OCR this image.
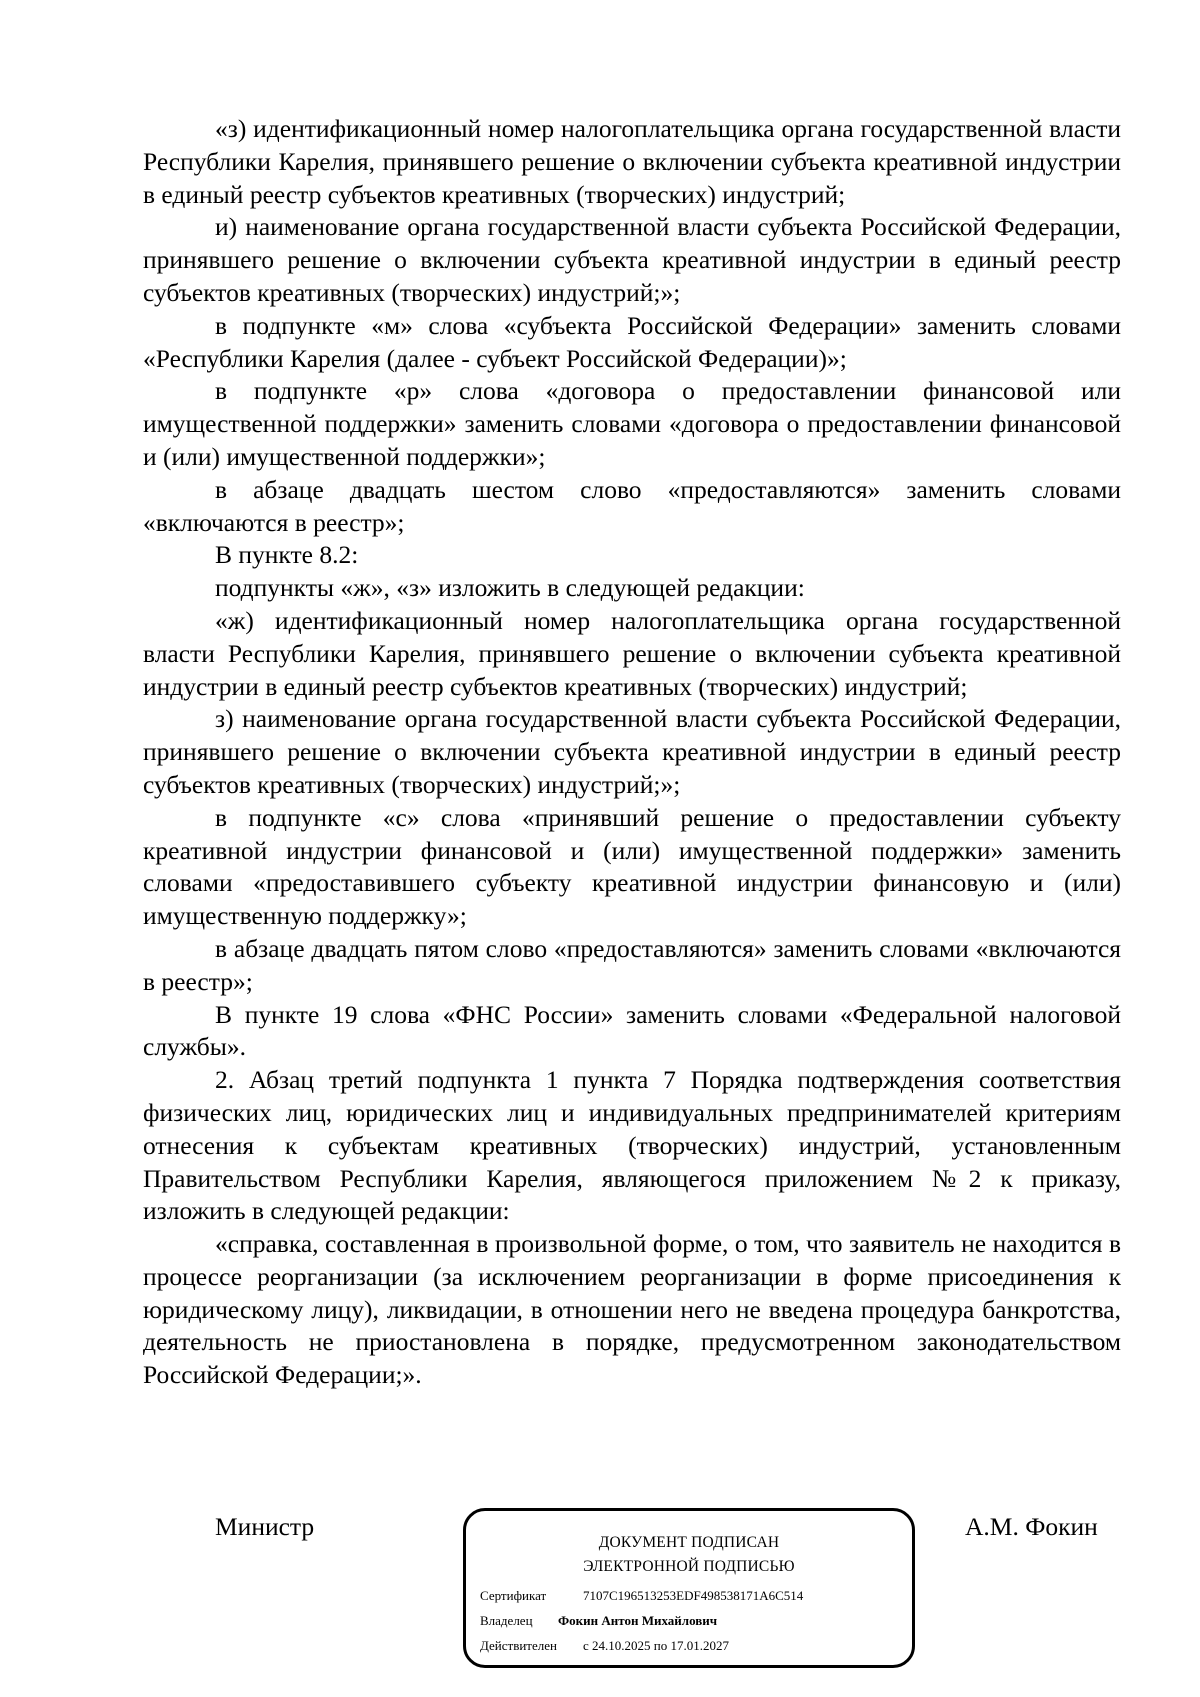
«з) идентификационный номер налогоплательщика органа государственной власти Республики Карелия, принявшего решение о включении субъекта креативной индустрии в единый реестр субъектов креативных (творческих) индустрий;

и) наименование органа государственной власти субъекта Российской Федерации, принявшего решение о включении субъекта креативной индустрии в единый реестр субъектов креативных (творческих) индустрий;»;

в подпункте «м» слова «субъекта Российской Федерации» заменить словами «Республики Карелия (далее - субъект Российской Федерации)»;

в подпункте «р» слова «договора о предоставлении финансовой или имущественной поддержки» заменить словами «договора о предоставлении финансовой и (или) имущественной поддержки»;

в абзаце двадцать шестом слово «предоставляются» заменить словами «включаются в реестр»;

В пункте 8.2:

подпункты «ж», «з» изложить в следующей редакции:

«ж) идентификационный номер налогоплательщика органа государственной власти Республики Карелия, принявшего решение о включении субъекта креативной индустрии в единый реестр субъектов креативных (творческих) индустрий;

з) наименование органа государственной власти субъекта Российской Федерации, принявшего решение о включении субъекта креативной индустрии в единый реестр субъектов креативных (творческих) индустрий;»;

в подпункте «с» слова «принявший решение о предоставлении субъекту креативной индустрии финансовой и (или) имущественной поддержки» заменить словами «предоставившего субъекту креативной индустрии финансовую и (или) имущественную поддержку»;

в абзаце двадцать пятом слово «предоставляются» заменить словами «включаются в реестр»;

В пункте 19 слова «ФНС России» заменить словами «Федеральной налоговой службы».

2. Абзац третий подпункта 1 пункта 7 Порядка подтверждения соответствия физических лиц, юридических лиц и индивидуальных предпринимателей критериям отнесения к субъектам креативных (творческих) индустрий, установленным Правительством Республики Карелия, являющегося приложением №2 к приказу, изложить в следующей редакции:

«справка, составленная в произвольной форме, о том, что заявитель не находится в процессе реорганизации (за исключением реорганизации в форме присоединения к юридическому лицу), ликвидации, в отношении него не введена процедура банкротства, деятельность не приостановлена в порядке, предусмотренном законодательством Российской Федерации;».

Министр
ДОКУМЕНТ ПОДПИСАН
ЭЛЕКТРОННОЙ ПОДПИСЬЮ
Сертификат	7107C196513253EDF498538171A6C514
Владелец Фокин Антон Михайлович
Действителен с 24.10.2025 по 17.01.2027
А.М. Фокин
